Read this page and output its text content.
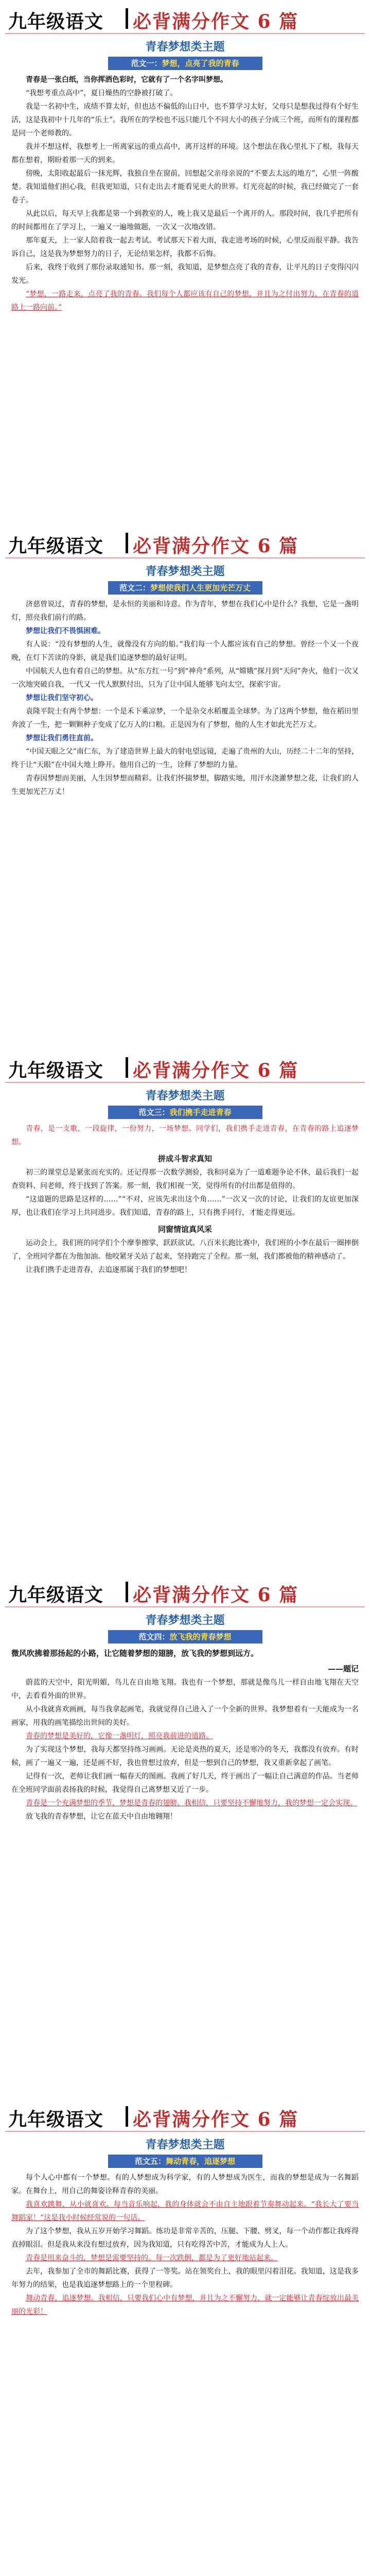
九年级语文 必背满分作文 6 篇
青春梦想类主题
范文一：梦想，点亮了我的青春

青春是一张白纸，当你挥洒色彩时，它就有了一个名字叫梦想。

“我想考重点高中”，夏日燥热的空静被打破了。

我是一名初中生，成绩不算太好，但也达不偏低的山日中，也不算学习太好，父母只是想我过得有个好生活，这是我初中十几年的“乐土”。我所在的学校也不远只能几个不同大小的孩子分成三个班，而所有的课程都是同一个老师教的。

我并不想这样，我想考上一所离家远的重点高中，离开这样的环境。这个想法在我心里扎下了根，我每天都在想着，期盼着那一天的到来。

傍晚，太阳收起最后一抹光辉，我独自坐在窗前，回想起父亲母亲说的“不要去太远的地方”，心里一阵酸楚。我知道他们担心我，但我更知道，只有走出去才能看见更大的世界。灯光亮起的时候，我已经做完了一套卷子。

从此以后，每天早上我都是第一个到教室的人，晚上我又是最后一个离开的人。那段时间，我几乎把所有的时间都用在了学习上，一遍又一遍地做题，一次又一次地改错。

那年夏天，上一家人陪着我一起去考试。考试那天下着大雨，我走进考场的时候，心里反而很平静。我告诉自己，这是我为梦想努力的日子，无论结果怎样，我都不后悔。

后来，我终于收到了那份录取通知书。那一刻，我知道，是梦想点亮了我的青春，让平凡的日子变得闪闪发光。

“梦想，一路走来，点亮了我的青春。我们每个人都应该有自己的梦想，并且为之付出努力，在青春的道路上一路向前。”

九年级语文 必背满分作文 6 篇
青春梦想类主题
范文二：梦想使我们人生更加光芒万丈

济慈曾说过，青春的梦想，是永恒的美丽和诗意。作为青年，梦想在我们心中是什么？我想，它是一盏明灯，照亮我们前行的路。

梦想让我们不畏惧困难。

有人说：“没有梦想的人生，就像没有方向的船。”我们每一个人都应该有自己的梦想。曾经一个又一个夜晚，在灯下苦读的身影，就是我们追逐梦想的最好证明。

中国航天人也有着自己的梦想。从“东方红一号”到“神舟”系列，从“嫦娥”探月到“天问”奔火，他们一次又一次地突破自我，一代又一代人默默付出，只为了让中国人能够飞向太空，探索宇宙。

梦想让我们坚守初心。

袁隆平院士有两个梦想：一个是禾下乘凉梦，一个是杂交水稻覆盖全球梦。为了这两个梦想，他在稻田里奔波了一生，把一颗颗种子变成了亿万人的口粮。正是因为有了梦想，他的人生才如此光芒万丈。

梦想让我们勇往直前。

“中国天眼之父”南仁东，为了建造世界上最大的射电望远镜，走遍了贵州的大山，历经二十二年的坚持，终于让“天眼”在中国大地上睁开。他用自己的一生，诠释了梦想的力量。

青春因梦想而美丽，人生因梦想而精彩。让我们怀揣梦想，脚踏实地，用汗水浇灌梦想之花，让我们的人生更加光芒万丈！

九年级语文 必背满分作文 6 篇
青春梦想类主题
范文三：我们携手走进青春

青春，是一支歌，一段旋律，一份努力，一场梦想。同学们，我们携手走进青春，在青春的路上追逐梦想。

拼成斗智求真知

初三的课堂总是紧张而充实的。还记得那一次数学测验，我和同桌为了一道难题争论不休，最后我们一起查资料、问老师，终于找到了答案。那一刻，我们相视一笑，觉得所有的付出都是值得的。

“这道题的思路是这样的……”“不对，应该先求出这个角……”一次又一次的讨论，让我们的友谊更加深厚，也让我们在学习上共同进步。我们知道，青春的路上，只有携手同行，才能走得更远。

同窗情谊真风采

运动会上，我们班的同学们个个摩拳擦掌，跃跃欲试。八百米长跑比赛中，我们班的小李在最后一圈摔倒了，全班同学都在为他加油。他咬紧牙关站了起来，坚持跑完了全程。那一刻，我们都被他的精神感动了。

让我们携手走进青春，去追逐那属于我们的梦想吧！

九年级语文 必背满分作文 6 篇
青春梦想类主题
范文四：放飞我的青春梦想
微风吹拂着那扬起的小路，让它随着梦想的翅膀，放飞我的梦想到远方。
——题记

蔚蓝的天空中，阳光明媚，鸟儿在自由地飞翔。我也有一个梦想，那就是像鸟儿一样自由地飞翔在天空中，去看看外面的世界。

从小我就喜欢画画，每当我拿起画笔，我就觉得自己进入了一个全新的世界。我梦想着有一天能成为一名画家，用我的画笔描绘出世间的美好。

青春的梦想是美好的，它像一盏明灯，照亮我前进的道路。

为了实现这个梦想，我每天都坚持练习画画。无论是炎热的夏天，还是寒冷的冬天，我都没有放弃。有时候，画了一遍又一遍，还是画不好，我也曾想过放弃，但是一想到自己的梦想，我又重新拿起了画笔。

记得有一次，老师让我们画一幅春天的图画。我画了好几天，终于画出了一幅让自己满意的作品。当老师在全班同学面前表扬我的时候，我觉得自己离梦想又近了一步。

青春是一个充满梦想的季节，梦想是青春的翅膀。我相信，只要坚持不懈地努力，我的梦想一定会实现。

放飞我的青春梦想，让它在蓝天中自由地翱翔！

九年级语文 必背满分作文 6 篇
青春梦想类主题
范文五：舞动青春，追逐梦想

每个人心中都有一个梦想。有的人梦想成为科学家，有的人梦想成为医生，而我的梦想是成为一名舞蹈家。在舞台上，用自己的舞姿诠释青春的美丽。

我喜欢跳舞，从小就喜欢。每当音乐响起，我的身体就会不由自主地跟着节奏舞动起来。“我长大了要当舞蹈家！”这是我小时候经常说的一句话。

为了这个梦想，我从五岁开始学习舞蹈。练功是非常辛苦的，压腿、下腰、劈叉，每一个动作都让我疼得直掉眼泪。但是我从来没有想过放弃，因为我知道，只有吃得苦中苦，才能成为人上人。

青春是用来奋斗的，梦想是需要坚持的。每一次跌倒，都是为了更好地站起来。

去年，我参加了全市的舞蹈比赛，获得了一等奖。站在领奖台上，我的眼里闪着泪花。我知道，这是我多年努力的结果，也是我追逐梦想路上的一个里程碑。

舞动青春，追逐梦想。我相信，只要我们心中有梦想，并且为之不懈努力，就一定能够让青春绽放出最美丽的光彩！
